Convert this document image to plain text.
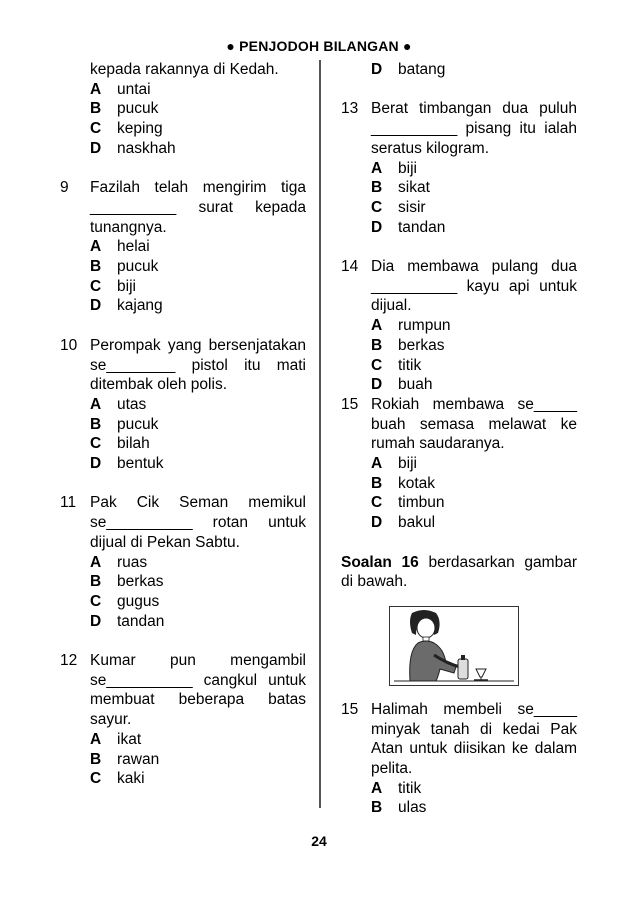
● PENJODOH BILANGAN ●

kepada rakannya di Kedah.

A	untai
B	pucuk
C	keping
D	naskhah
9 Fazilah telah mengirim tiga __________ surat kepada tunangnya.

A	helai
B	pucuk
C	biji
D	kajang
10 Perompak yang bersenjatakan se________ pistol itu mati ditembak oleh polis.

A	utas
B	pucuk
C	bilah
D	bentuk
11 Pak Cik Seman memikul se__________ rotan untuk dijual di Pekan Sabtu.

A	ruas
B	berkas
C	gugus
D	tandan
12 Kumar pun mengambil se__________ cangkul untuk membuat beberapa batas sayur.

A	ikat
B	rawan
C	kaki
D	batang
13 Berat timbangan dua puluh __________ pisang itu ialah seratus kilogram.

A	biji
B	sikat
C	sisir
D	tandan
14 Dia membawa pulang dua __________ kayu api untuk dijual.

A	rumpun
B	berkas
C	titik
D	buah
15 Rokiah membawa se_____ buah semasa melawat ke rumah saudaranya.

A	biji
B	kotak
C	timbun
D	bakul

Soalan 16 berdasarkan gambar di bawah.

15 Halimah membeli se_____ minyak tanah di kedai Pak Atan untuk diisikan ke dalam pelita.

A	titik
B	ulas
24
